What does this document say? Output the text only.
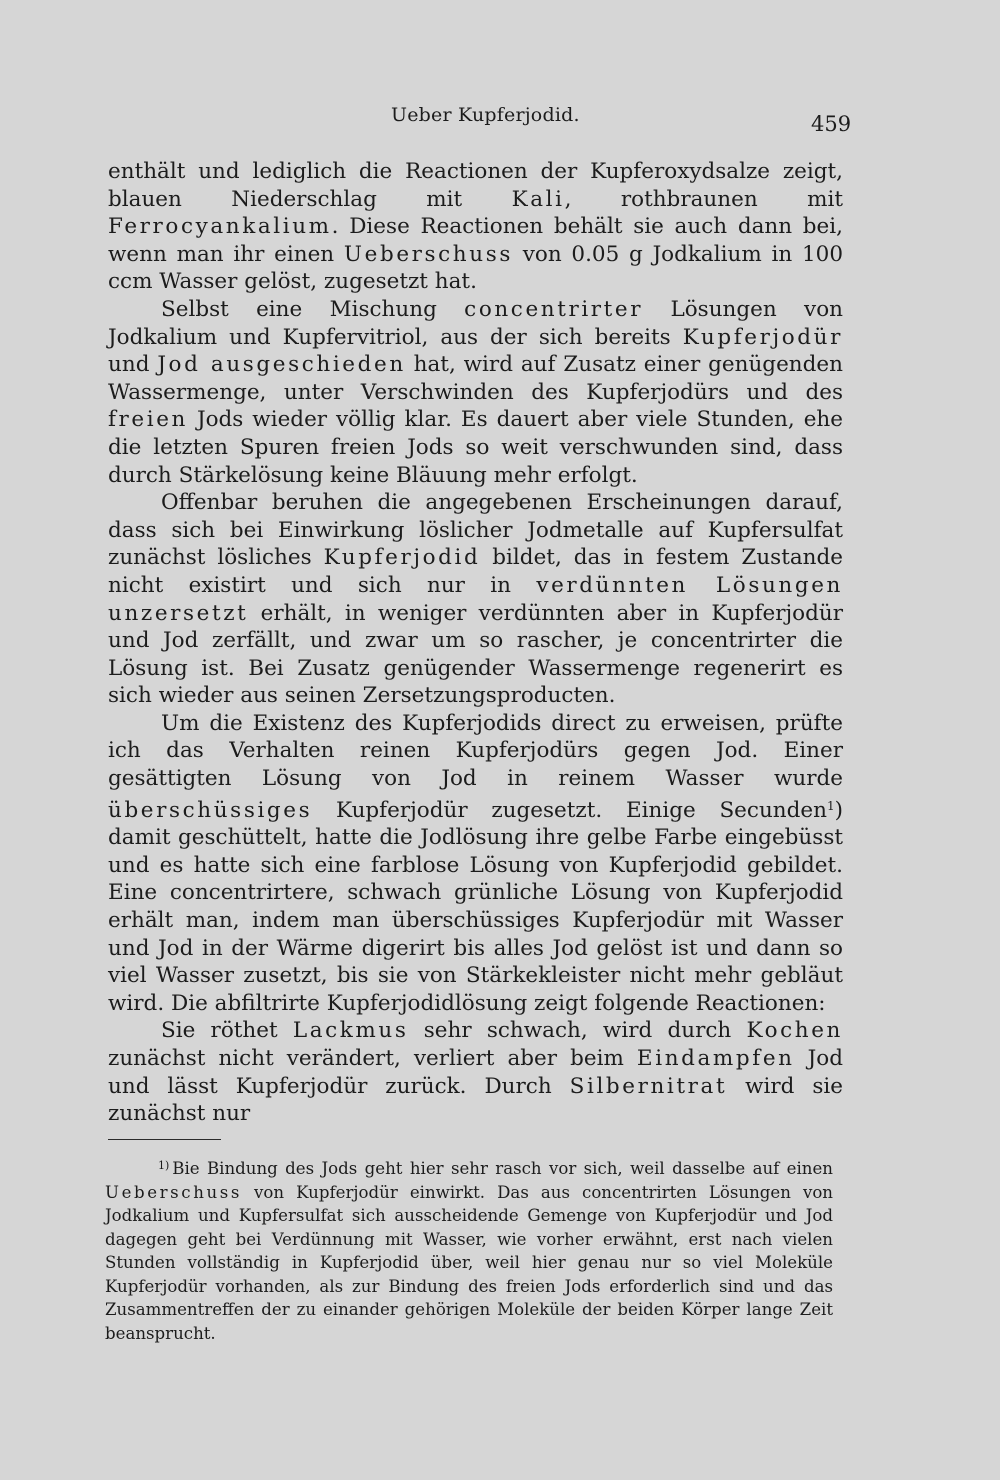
Ueber Kupferjodid.	459

enthält und lediglich die Reactionen der Kupferoxydsalze zeigt, blauen Niederschlag mit Kali, rothbraunen mit Ferrocyankalium. Diese Reactionen behält sie auch dann bei, wenn man ihr einen Ueberschuss von 0.05 g Jodkalium in 100 ccm Wasser gelöst, zugesetzt hat.

Selbst eine Mischung concentrirter Lösungen von Jodkalium und Kupfervitriol, aus der sich bereits Kupferjodür und Jod ausgeschieden hat, wird auf Zusatz einer genügenden Wassermenge, unter Verschwinden des Kupferjodürs und des freien Jods wieder völlig klar. Es dauert aber viele Stunden, ehe die letzten Spuren freien Jods so weit verschwunden sind, dass durch Stärkelösung keine Bläuung mehr erfolgt.

Offenbar beruhen die angegebenen Erscheinungen darauf, dass sich bei Einwirkung löslicher Jodmetalle auf Kupfersulfat zunächst lösliches Kupferjodid bildet, das in festem Zustande nicht existirt und sich nur in verdünnten Lösungen unzersetzt erhält, in weniger verdünnten aber in Kupferjodür und Jod zerfällt, und zwar um so rascher, je concentrirter die Lösung ist. Bei Zusatz genügender Wassermenge regenerirt es sich wieder aus seinen Zersetzungsproducten.

Um die Existenz des Kupferjodids direct zu erweisen, prüfte ich das Verhalten reinen Kupferjodürs gegen Jod. Einer gesättigten Lösung von Jod in reinem Wasser wurde überschüssiges Kupferjodür zugesetzt. Einige Secunden$^1$) damit geschüttelt, hatte die Jodlösung ihre gelbe Farbe eingebüsst und es hatte sich eine farblose Lösung von Kupferjodid gebildet. Eine concentrirtere, schwach grünliche Lösung von Kupferjodid erhält man, indem man überschüssiges Kupferjodür mit Wasser und Jod in der Wärme digerirt bis alles Jod gelöst ist und dann so viel Wasser zusetzt, bis sie von Stärkekleister nicht mehr gebläut wird. Die abfiltrirte Kupferjodidlösung zeigt folgende Reactionen:

Sie röthet Lackmus sehr schwach, wird durch Kochen zunächst nicht verändert, verliert aber beim Eindampfen Jod und lässt Kupferjodür zurück. Durch Silbernitrat wird sie zunächst nur

$^{1)}$ Bie Bindung des Jods geht hier sehr rasch vor sich, weil dasselbe auf einen Ueberschuss von Kupferjodür einwirkt. Das aus concentrirten Lösungen von Jodkalium und Kupfersulfat sich ausscheidende Gemenge von Kupferjodür und Jod dagegen geht bei Verdünnung mit Wasser, wie vorher erwähnt, erst nach vielen Stunden vollständig in Kupferjodid über, weil hier genau nur so viel Moleküle Kupferjodür vorhanden, als zur Bindung des freien Jods erforderlich sind und das Zusammentreffen der zu einander gehörigen Moleküle der beiden Körper lange Zeit beansprucht.
